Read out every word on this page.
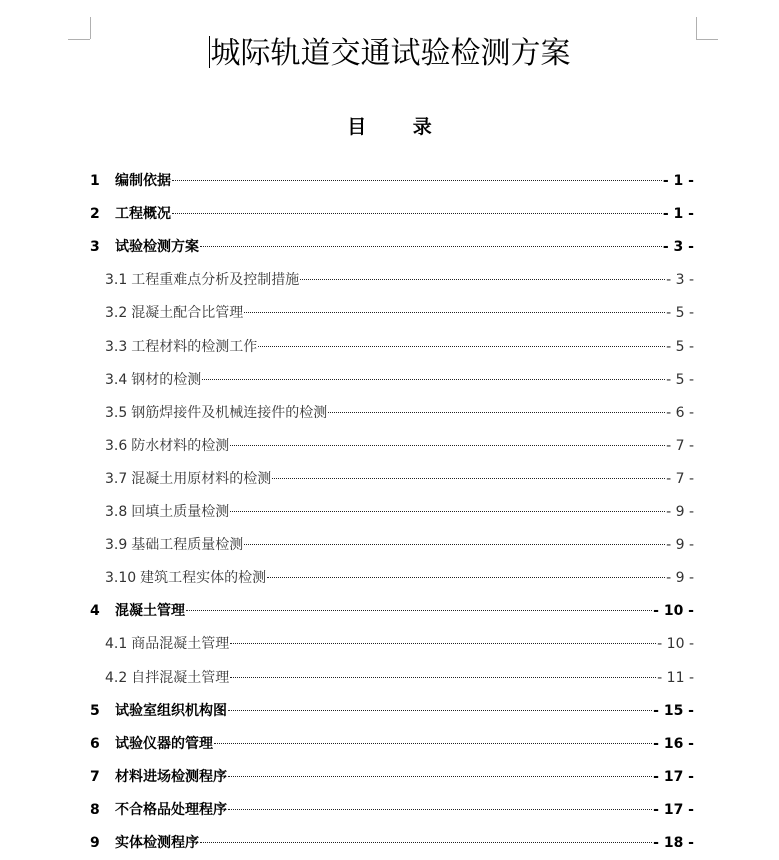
城际轨道交通试验检测方案
目 录
1	编制依据	- 1 -
2	工程概况	- 1 -
3	试验检测方案	- 3 -
3.1 工程重难点分析及控制措施	- 3 -
3.2 混凝土配合比管理	- 5 -
3.3 工程材料的检测工作	- 5 -
3.4 钢材的检测	- 5 -
3.5 钢筋焊接件及机械连接件的检测	- 6 -
3.6 防水材料的检测	- 7 -
3.7 混凝土用原材料的检测	- 7 -
3.8 回填土质量检测	- 9 -
3.9 基础工程质量检测	- 9 -
3.10 建筑工程实体的检测	- 9 -
4	混凝土管理	- 10 -
4.1 商品混凝土管理	- 10 -
4.2 自拌混凝土管理	- 11 -
5	试验室组织机构图	- 15 -
6	试验仪器的管理	- 16 -
7	材料进场检测程序	- 17 -
8	不合格品处理程序	- 17 -
9	实体检测程序	- 18 -
